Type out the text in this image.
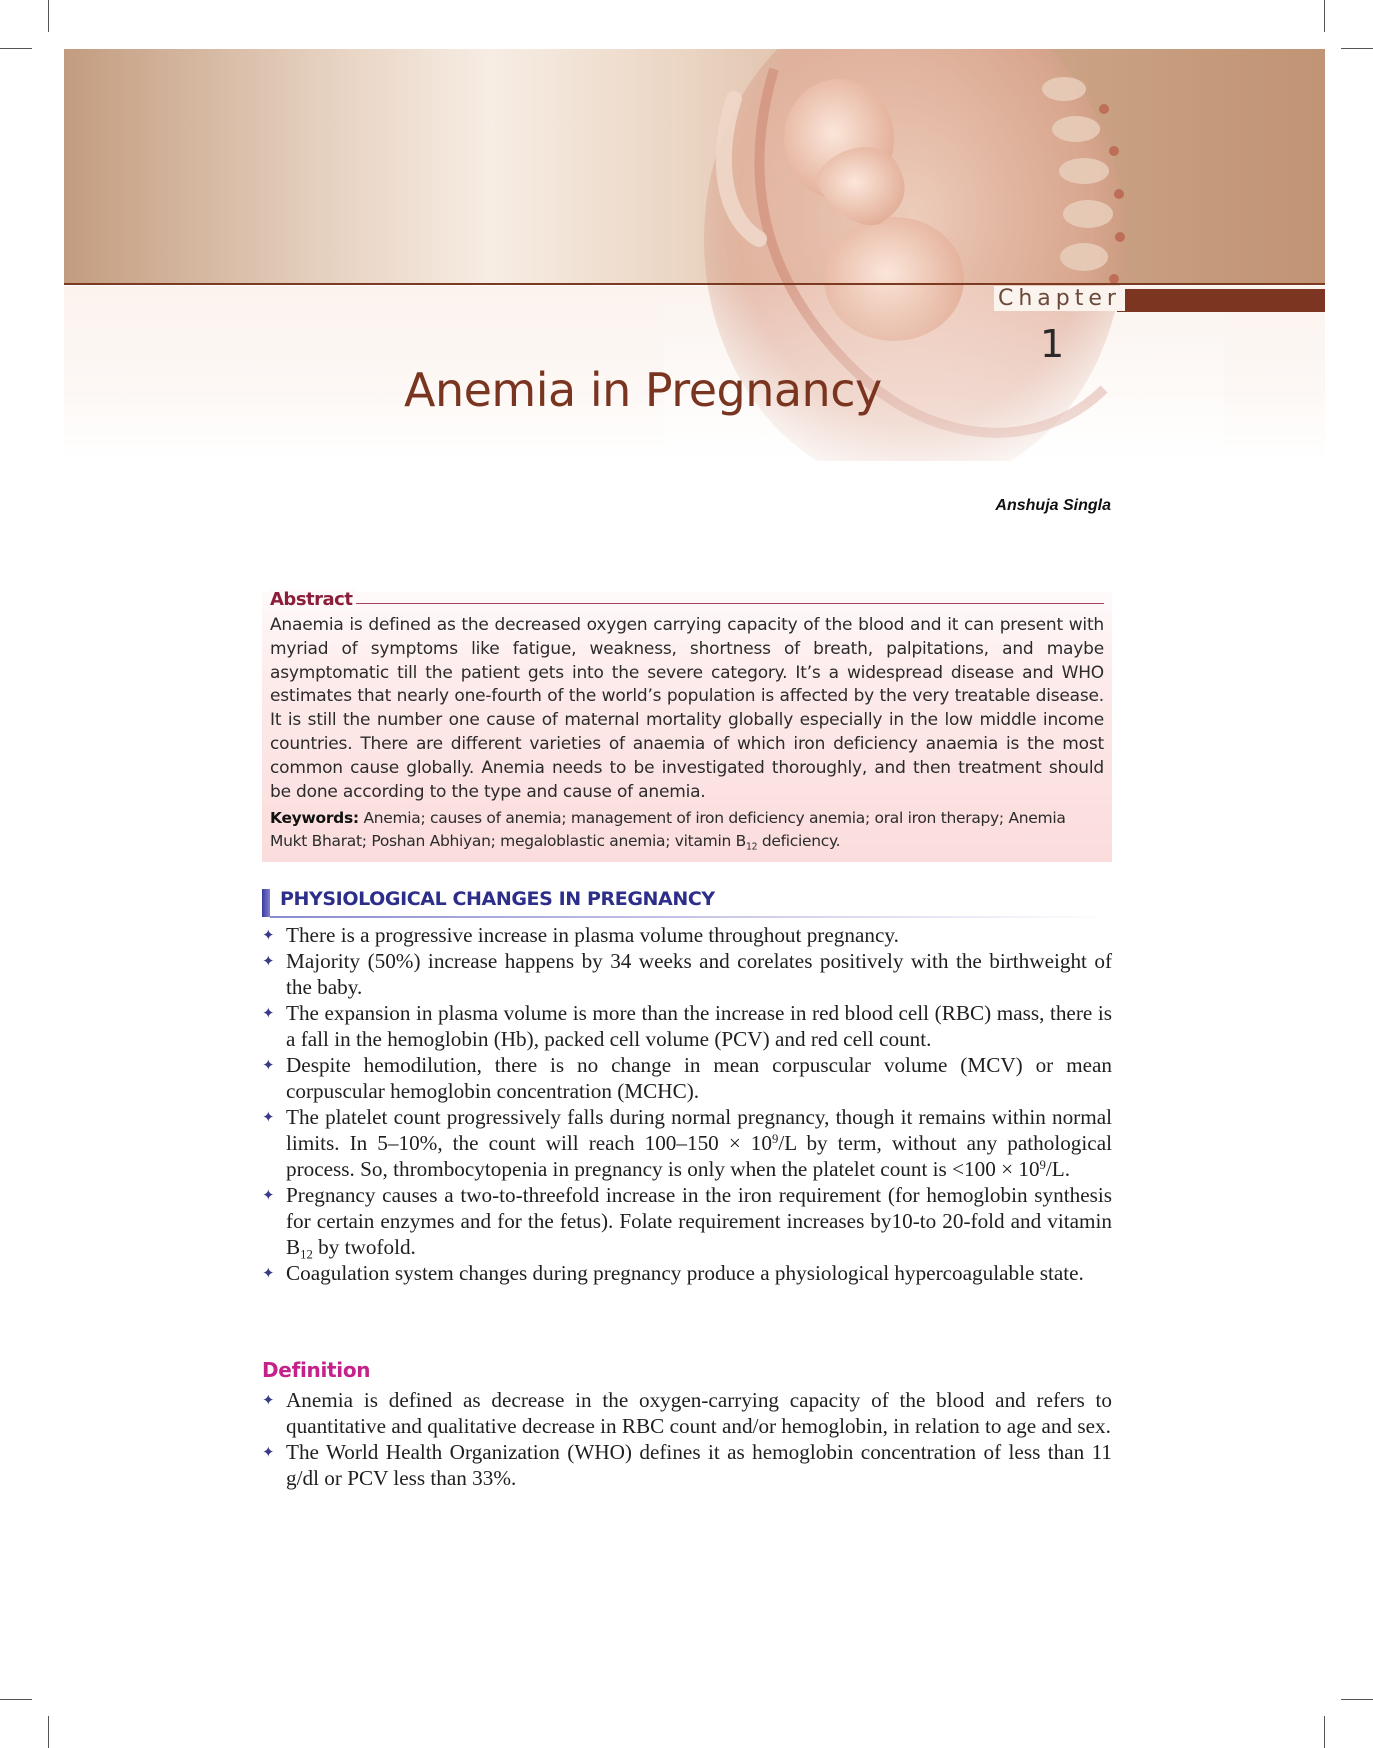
Chapter
1
Anemia in Pregnancy
Anshuja Singla
Abstract

Anaemia is defined as the decreased oxygen carrying capacity of the blood and it can present with myriad of symptoms like fatigue, weakness, shortness of breath, palpitations, and maybe asymptomatic till the patient gets into the severe category. It’s a widespread disease and WHO estimates that nearly one-fourth of the world’s population is affected by the very treatable disease. It is still the number one cause of maternal mortality globally especially in the low middle income countries. There are different varieties of anaemia of which iron deficiency anaemia is the most common cause globally. Anemia needs to be investigated thoroughly, and then treatment should be done according to the type and cause of anemia.

Keywords: Anemia; causes of anemia; management of iron deficiency anemia; oral iron therapy; Anemia Mukt Bharat; Poshan Abhiyan; megaloblastic anemia; vitamin $B_{12}$ deficiency.

PHYSIOLOGICAL CHANGES IN PREGNANCY
✦ There is a progressive increase in plasma volume throughout pregnancy.
✦ Majority (50%) increase happens by 34 weeks and corelates positively with the birthweight of the baby.
✦ The expansion in plasma volume is more than the increase in red blood cell (RBC) mass, there is a fall in the hemoglobin (Hb), packed cell volume (PCV) and red cell count.
✦ Despite hemodilution, there is no change in mean corpuscular volume (MCV) or mean corpuscular hemoglobin concentration (MCHC).
✦ The platelet count progressively falls during normal pregnancy, though it remains within normal limits. In 5–10%, the count will reach $100-150 \times 10^9/L$ by term, without any pathological process. So, thrombocytopenia in pregnancy is only when the platelet count is $<100 \times 10^9/L$.
✦ Pregnancy causes a two-to-threefold increase in the iron requirement (for hemoglobin synthesis for certain enzymes and for the fetus). Folate requirement increases by10-to 20-fold and vitamin $B_{12}$ by twofold.
✦ Coagulation system changes during pregnancy produce a physiological hypercoagulable state.
Definition
✦ Anemia is defined as decrease in the oxygen-carrying capacity of the blood and refers to quantitative and qualitative decrease in RBC count and/or hemoglobin, in relation to age and sex.
✦ The World Health Organization (WHO) defines it as hemoglobin concentration of less than 11 g/dl or PCV less than 33%.
